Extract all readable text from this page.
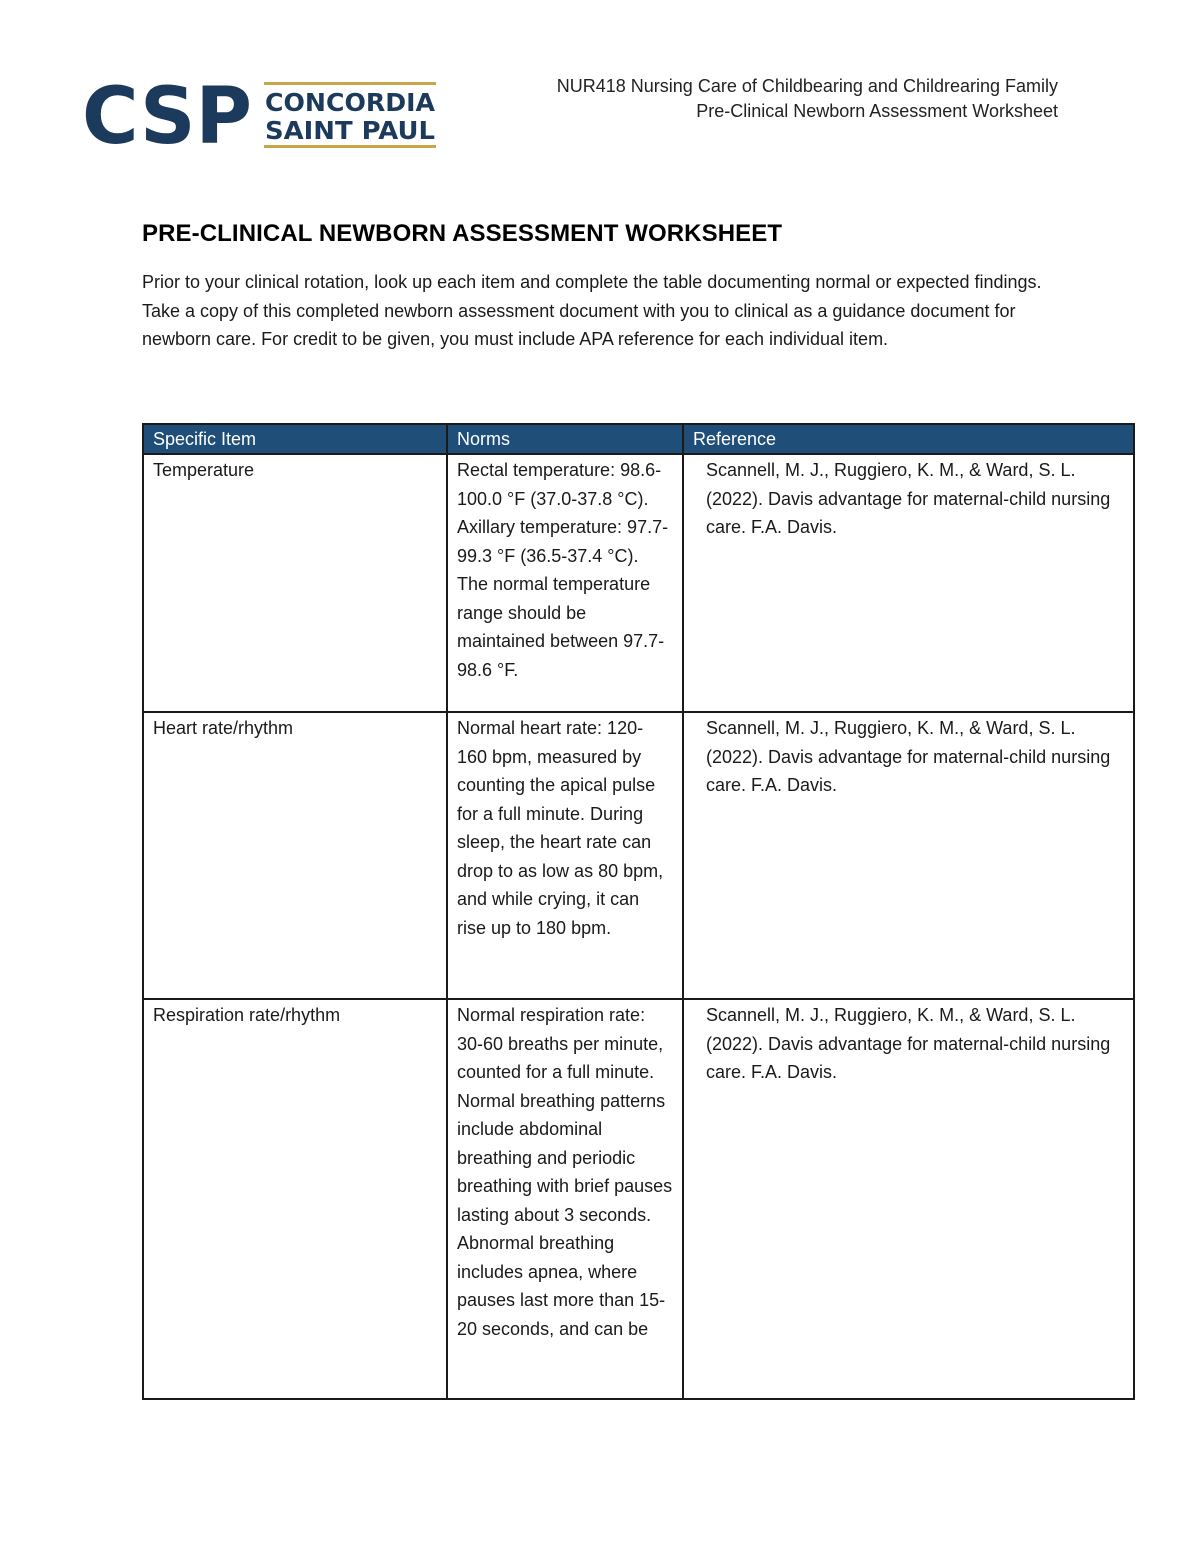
CSP CONCORDIA
SAINT PAUL
NUR418 Nursing Care of Childbearing and Childrearing Family
Pre-Clinical Newborn Assessment Worksheet
PRE-CLINICAL NEWBORN ASSESSMENT WORKSHEET

Prior to your clinical rotation, look up each item and complete the table documenting normal or expected findings. Take a copy of this completed newborn assessment document with you to clinical as a guidance document for newborn care. For credit to be given, you must include APA reference for each individual item.

Specific Item	Norms	Reference
Temperature	Rectal temperature: 98.6-100.0 °F (37.0-37.8 °C). Axillary temperature: 97.7-99.3 °F (36.5-37.4 °C). The normal temperature range should be maintained between 97.7-98.6 °F.	Scannell, M. J., Ruggiero, K. M., & Ward, S. L. (2022). Davis advantage for maternal-child nursing care. F.A. Davis.
Heart rate/rhythm	Normal heart rate: 120-160 bpm, measured by counting the apical pulse for a full minute. During sleep, the heart rate can drop to as low as 80 bpm, and while crying, it can rise up to 180 bpm.	Scannell, M. J., Ruggiero, K. M., & Ward, S. L. (2022). Davis advantage for maternal-child nursing care. F.A. Davis.
Respiration rate/rhythm	Normal respiration rate: 30-60 breaths per minute, counted for a full minute. Normal breathing patterns include abdominal breathing and periodic breathing with brief pauses lasting about 3 seconds. Abnormal breathing includes apnea, where pauses last more than 15-20 seconds, and can be	Scannell, M. J., Ruggiero, K. M., & Ward, S. L. (2022). Davis advantage for maternal-child nursing care. F.A. Davis.
